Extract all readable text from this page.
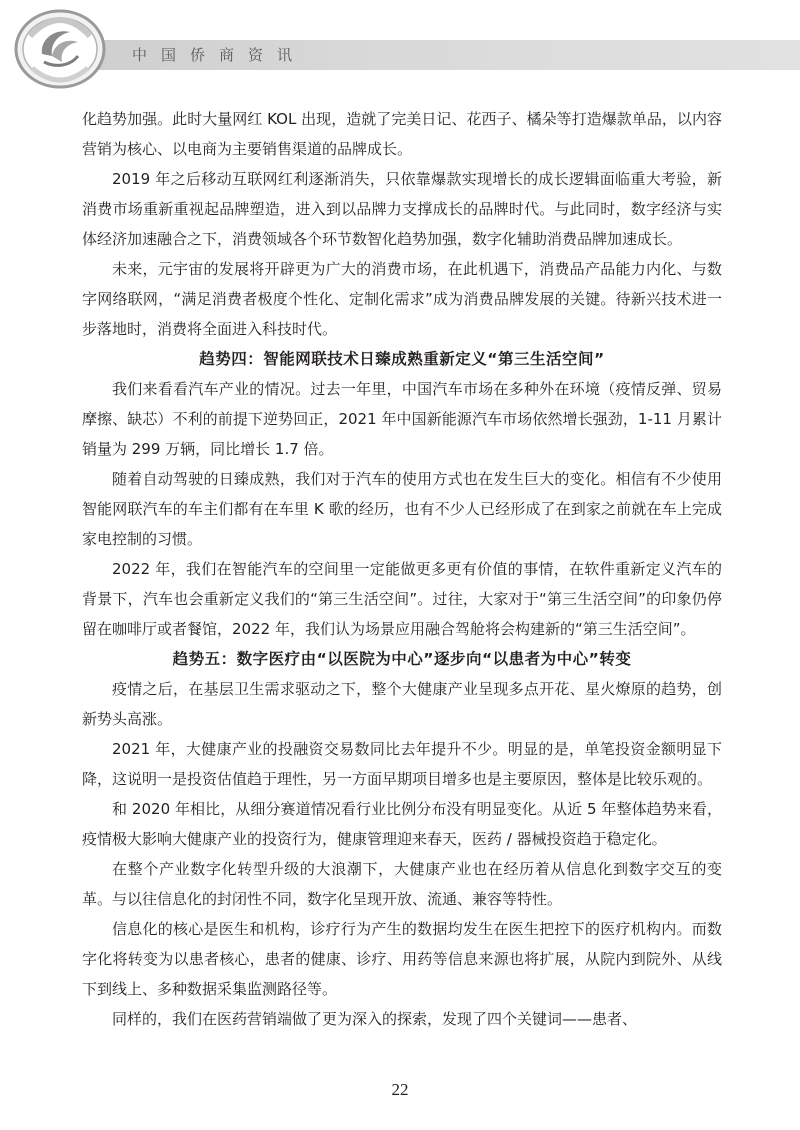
中国侨商资讯

化趋势加强。此时大量网红 KOL 出现，造就了完美日记、花西子、橘朵等打造爆款单品，以内容营销为核心、以电商为主要销售渠道的品牌成长。

2019 年之后移动互联网红利逐渐消失，只依靠爆款实现增长的成长逻辑面临重大考验，新消费市场重新重视起品牌塑造，进入到以品牌力支撑成长的品牌时代。与此同时，数字经济与实体经济加速融合之下，消费领域各个环节数智化趋势加强，数字化辅助消费品牌加速成长。

未来，元宇宙的发展将开辟更为广大的消费市场，在此机遇下，消费品产品能力内化、与数字网络联网，“满足消费者极度个性化、定制化需求”成为消费品牌发展的关键。待新兴技术进一步落地时，消费将全面进入科技时代。

趋势四：智能网联技术日臻成熟重新定义“第三生活空间”

我们来看看汽车产业的情况。过去一年里，中国汽车市场在多种外在环境（疫情反弹、贸易摩擦、缺芯）不利的前提下逆势回正，2021 年中国新能源汽车市场依然增长强劲，1-11 月累计销量为 299 万辆，同比增长 1.7 倍。

随着自动驾驶的日臻成熟，我们对于汽车的使用方式也在发生巨大的变化。相信有不少使用智能网联汽车的车主们都有在车里 K 歌的经历，也有不少人已经形成了在到家之前就在车上完成家电控制的习惯。

2022 年，我们在智能汽车的空间里一定能做更多更有价值的事情，在软件重新定义汽车的背景下，汽车也会重新定义我们的“第三生活空间”。过往，大家对于“第三生活空间”的印象仍停留在咖啡厅或者餐馆，2022 年，我们认为场景应用融合驾舱将会构建新的“第三生活空间”。

趋势五：数字医疗由“以医院为中心”逐步向“以患者为中心”转变

疫情之后，在基层卫生需求驱动之下，整个大健康产业呈现多点开花、星火燎原的趋势，创新势头高涨。

2021 年，大健康产业的投融资交易数同比去年提升不少。明显的是，单笔投资金额明显下降，这说明一是投资估值趋于理性，另一方面早期项目增多也是主要原因，整体是比较乐观的。

和 2020 年相比，从细分赛道情况看行业比例分布没有明显变化。从近 5 年整体趋势来看，疫情极大影响大健康产业的投资行为，健康管理迎来春天，医药 / 器械投资趋于稳定化。

在整个产业数字化转型升级的大浪潮下，大健康产业也在经历着从信息化到数字交互的变革。与以往信息化的封闭性不同，数字化呈现开放、流通、兼容等特性。

信息化的核心是医生和机构，诊疗行为产生的数据均发生在医生把控下的医疗机构内。而数字化将转变为以患者核心，患者的健康、诊疗、用药等信息来源也将扩展，从院内到院外、从线下到线上、多种数据采集监测路径等。

同样的，我们在医药营销端做了更为深入的探索，发现了四个关键词——患者、

22
